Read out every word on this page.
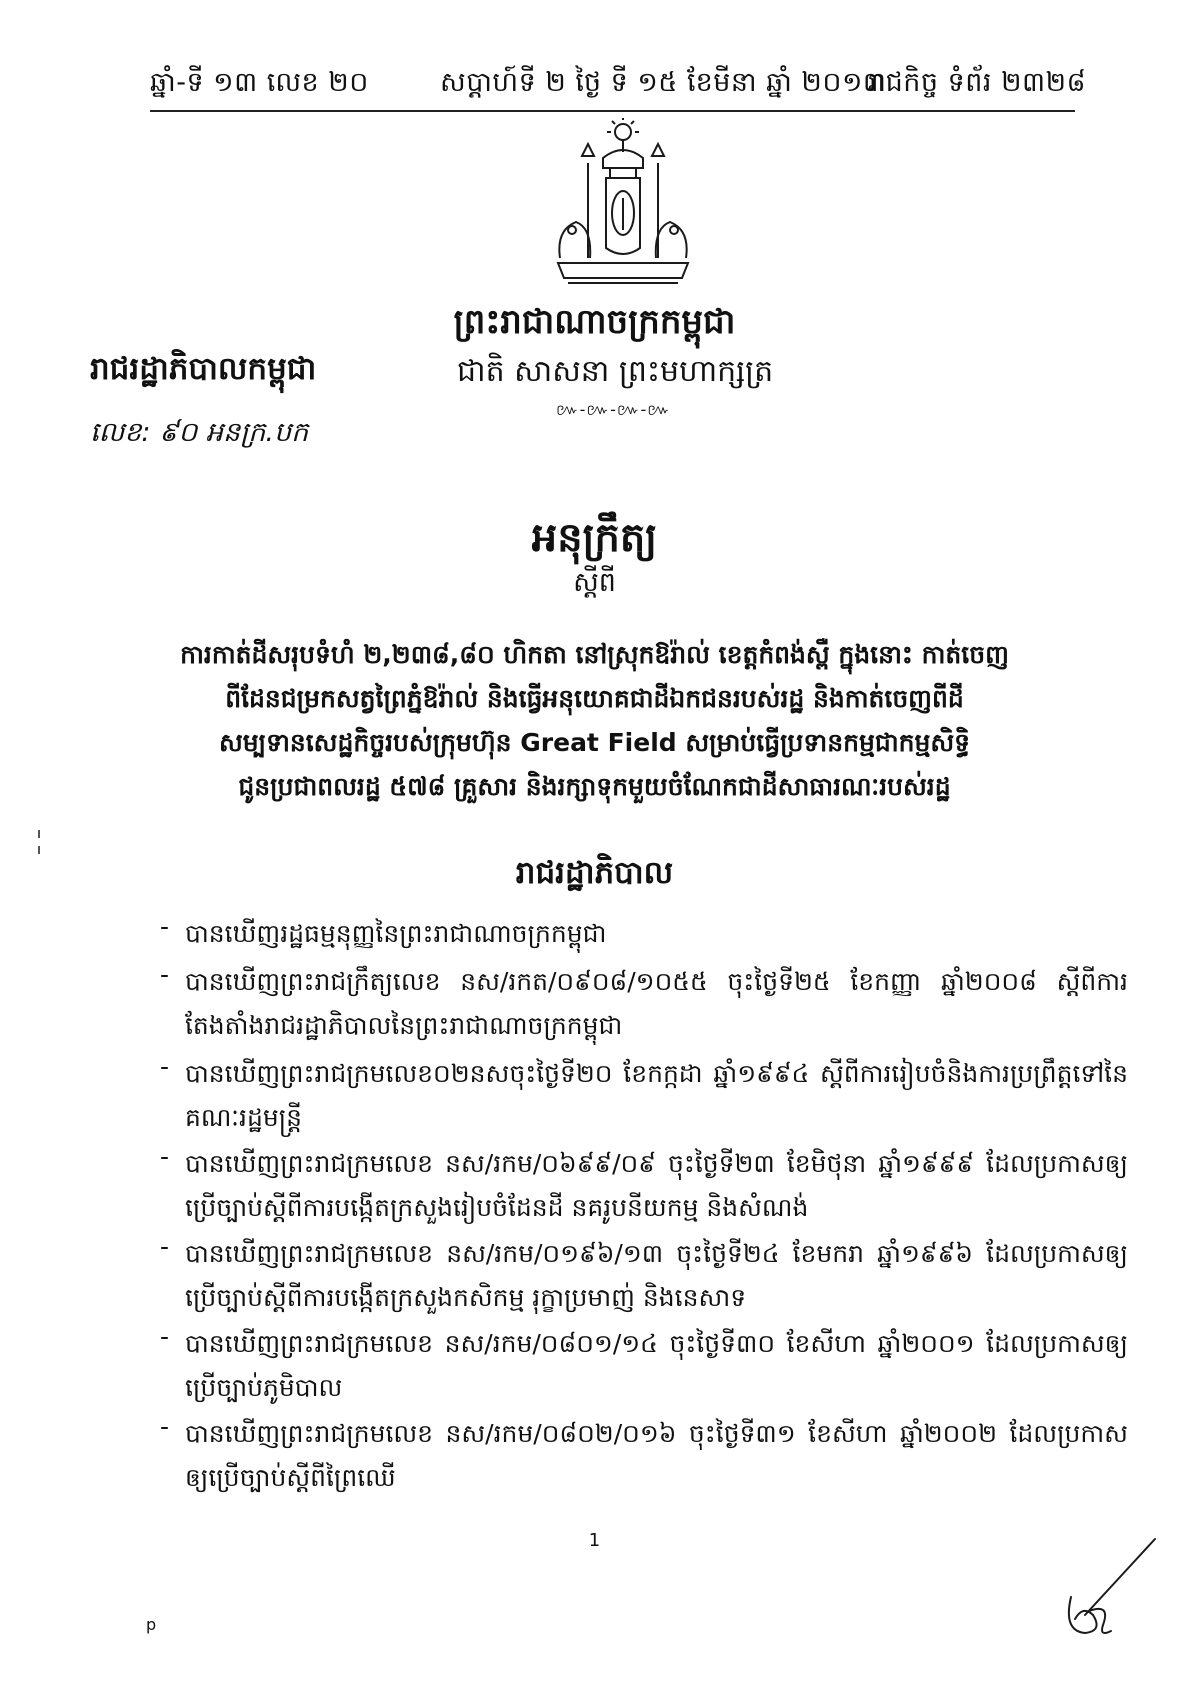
ឆ្នាំ-ទី ១៣ លេខ ២០	សប្តាហ៍ទី ២ ថ្ងៃ ទី ១៥ ខែមីនា ឆ្នាំ ២០១៣
រាជកិច្ច ទំព័រ ២៣២៨
ព្រះរាជាណាចក្រកម្ពុជា
រាជរដ្ឋាភិបាលកម្ពុជា	ជាតិ សាសនា ព្រះមហាក្សត្រ
៚-៚-៚-៚
លេខ: ៩០ អនក្រ.បក
អនុក្រឹត្យ
ស្តីពី
ការកាត់ដីសរុបទំហំ ២,២៣៨,៨០ ហិកតា នៅស្រុកឱរ៉ាល់ ខេត្តកំពង់ស្ពឺ ក្នុងនោះ កាត់ចេញ
ពីដែនជម្រកសត្វព្រៃភ្នំឱរ៉ាល់ និងធ្វើអនុយោគជាដីឯកជនរបស់រដ្ឋ និងកាត់ចេញពីដី
សម្បទានសេដ្ឋកិច្ចរបស់ក្រុមហ៊ុន Great Field សម្រាប់ធ្វើប្រទានកម្មជាកម្មសិទ្ធិ
ជូនប្រជាពលរដ្ឋ ៥៧៨ គ្រួសារ និងរក្សាទុកមួយចំណែកជាដីសាធារណៈរបស់រដ្ឋ
រាជរដ្ឋាភិបាល
- បានឃើញរដ្ឋធម្មនុញ្ញនៃព្រះរាជាណាចក្រកម្ពុជា
- បានឃើញព្រះរាជក្រឹត្យលេខ នស/រកត/០៩០៨/១០៥៥ ចុះថ្ងៃទី២៥ ខែកញ្ញា ឆ្នាំ២០០៨ ស្តីពីការតែងតាំងរាជរដ្ឋាភិបាលនៃព្រះរាជាណាចក្រកម្ពុជា
- បានឃើញព្រះរាជក្រមលេខ០២នសចុះថ្ងៃទី២០ ខែកក្កដា ឆ្នាំ១៩៩៤ ស្តីពីការរៀបចំនិងការប្រព្រឹត្តទៅនៃគណៈរដ្ឋមន្ត្រី
- បានឃើញព្រះរាជក្រមលេខ នស/រកម/០៦៩៩/០៩ ចុះថ្ងៃទី២៣ ខែមិថុនា ឆ្នាំ១៩៩៩ ដែលប្រកាសឲ្យប្រើច្បាប់ស្តីពីការបង្កើតក្រសួងរៀបចំដែនដី នគរូបនីយកម្ម និងសំណង់
- បានឃើញព្រះរាជក្រមលេខ នស/រកម/០១៩៦/១៣ ចុះថ្ងៃទី២៤ ខែមករា ឆ្នាំ១៩៩៦ ដែលប្រកាសឲ្យប្រើច្បាប់ស្តីពីការបង្កើតក្រសួងកសិកម្ម រុក្ខាប្រមាញ់ និងនេសាទ
- បានឃើញព្រះរាជក្រមលេខ នស/រកម/០៨០១/១៤ ចុះថ្ងៃទី៣០ ខែសីហា ឆ្នាំ២០០១ ដែលប្រកាសឲ្យប្រើច្បាប់ភូមិបាល
- បានឃើញព្រះរាជក្រមលេខ នស/រកម/០៨០២/០១៦ ចុះថ្ងៃទី៣១ ខែសីហា ឆ្នាំ២០០២ ដែលប្រកាសឲ្យប្រើច្បាប់ស្តីពីព្រៃឈើ
1
p
